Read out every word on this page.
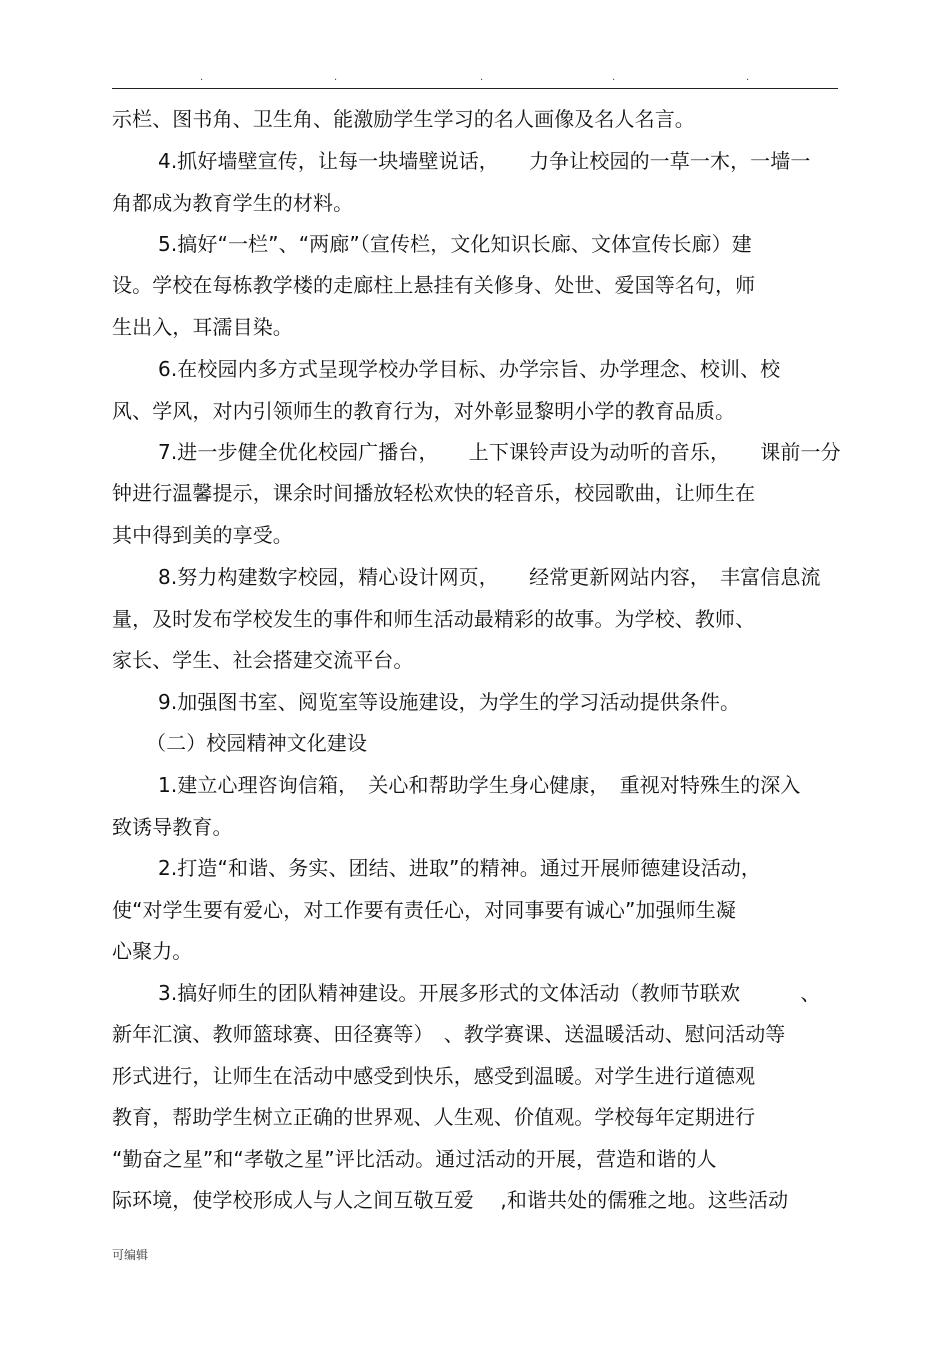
.	.	.	.	.

示栏、图书角、卫生角、能激励学生学习的名人画像及名人名言。

4.抓好墙壁宣传，让每一块墙壁说话，　　力争让校园的一草一木，一墙一

角都成为教育学生的材料。

5.搞好“一栏”、“两廊”（宣传栏，文化知识长廊、文体宣传长廊）建

设。学校在每栋教学楼的走廊柱上悬挂有关修身、处世、爱国等名句，师

生出入，耳濡目染。

6.在校园内多方式呈现学校办学目标、办学宗旨、办学理念、校训、校

风、学风，对内引领师生的教育行为，对外彰显黎明小学的教育品质。

7.进一步健全优化校园广播台，　　上下课铃声设为动听的音乐，　　课前一分

钟进行温馨提示，课余时间播放轻松欢快的轻音乐，校园歌曲，让师生在

其中得到美的享受。

8.努力构建数字校园，精心设计网页，　　经常更新网站内容，　丰富信息流

量，及时发布学校发生的事件和师生活动最精彩的故事。为学校、教师、

家长、学生、社会搭建交流平台。

9.加强图书室、阅览室等设施建设，为学生的学习活动提供条件。

（二）校园精神文化建设

1.建立心理咨询信箱，　关心和帮助学生身心健康，　重视对特殊生的深入

致诱导教育。

2.打造“和谐、务实、团结、进取”的精神。通过开展师德建设活动，

使“对学生要有爱心，对工作要有责任心，对同事要有诚心”加强师生凝

心聚力。

3.搞好师生的团队精神建设。开展多形式的文体活动（教师节联欢　　　、

新年汇演、教师篮球赛、田径赛等）　、教学赛课、送温暖活动、慰问活动等

形式进行，让师生在活动中感受到快乐，感受到温暖。对学生进行道德观

教育，帮助学生树立正确的世界观、人生观、价值观。学校每年定期进行

“勤奋之星”和“孝敬之星”评比活动。通过活动的开展，营造和谐的人

际环境，使学校形成人与人之间互敬互爱　 ,和谐共处的儒雅之地。这些活动

可编辑
